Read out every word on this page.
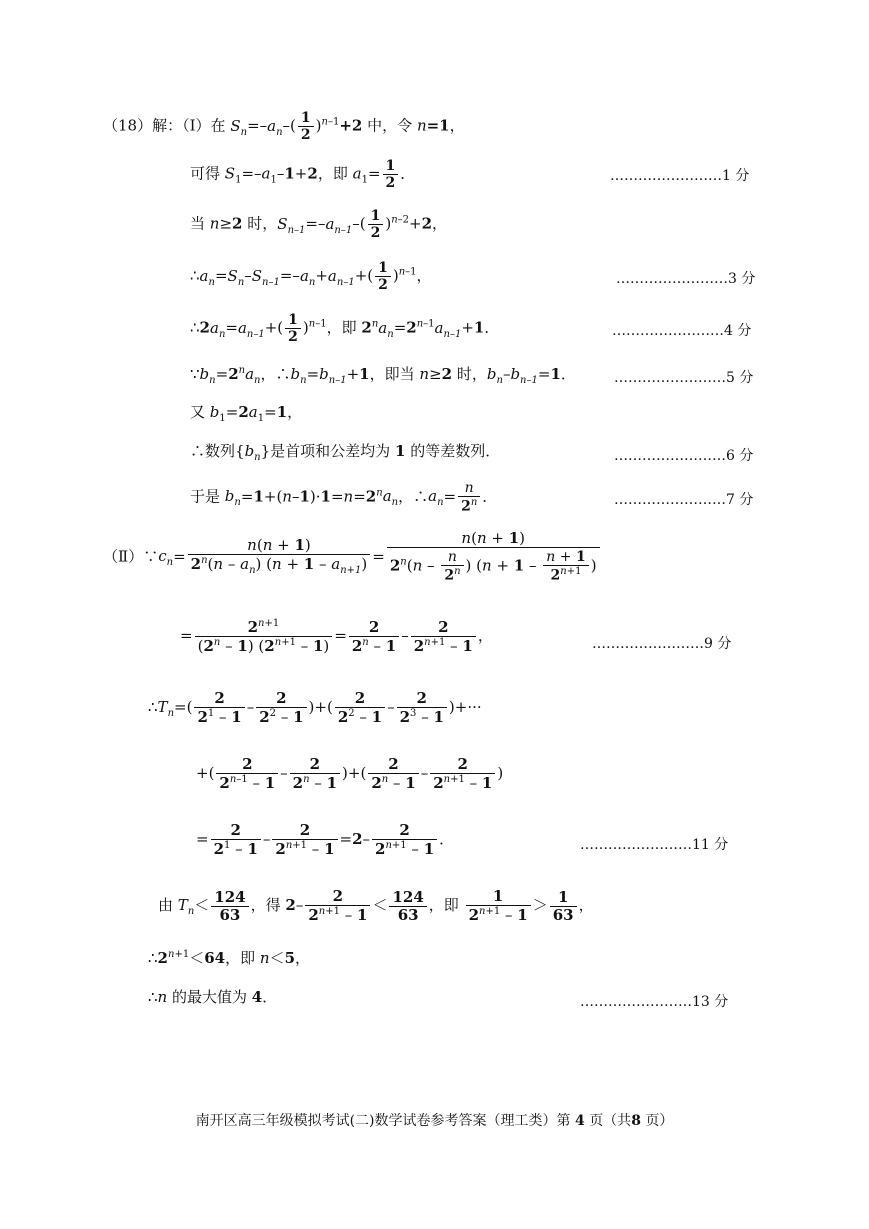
（18）解：（Ⅰ）在 $S_n=-a_n-( \frac{1}{2} )^{n-1}+2$ 中，令 n=1，
可得 $S_1=-a_1-1+2$，即 $a_1= \frac{1}{2}$ ．	……………………1 分
当 n≥2 时，$S_{n-1}=-a_{n-1}-( \frac{1}{2} )^{n-2}+2$，
$\therefore a_n=S_n-S_{n-1}=-a_n+a_{n-1}+( \frac{1}{2} )^{n-1}$，	……………………3 分
$\therefore 2a_n=a_{n-1}+( \frac{1}{2} )^{n-1}$，即 $2^na_n=2^{n-1}a_{n-1}+1$．	……………………4 分
$\because b_n=2^na_n$，$\therefore b_n=b_{n-1}+1$，即当 n≥2 时，$b_n-b_{n-1}=1$．	……………………5 分
又 $b_1=2a_1=1$，
∴数列$\{b_n\}$是首项和公差均为 1 的等差数列．	……………………6 分
于是 $b_n=1+(n-1)\cdot 1=n=2^na_n$，$\therefore a_n= \frac{n}{2^n}$ ．	……………………7 分
$(Ⅱ)\because c_n= \frac{n(n + 1)}{2^n(n - a_n) (n + 1 - a_{n+1})} = \frac{n(n + 1)}{2^n(n - \frac{n}{2^n} ) (n + 1 - \frac{n + 1}{2^{n+1}} )}$
= $\frac{2^{n+1}}{(2^n - 1) (2^{n+1} - 1)} = \frac{2}{2^n - 1} - \frac{2}{2^{n+1} - 1}$ ，	……………………9 分
$\therefore T_n=( \frac{2}{2^1 - 1} - \frac{2}{2^2 - 1}$ )+( $\frac{2}{2^2 - 1} - \frac{2}{2^3 - 1}$ )+···
+( $\frac{2}{2^{n-1} - 1} - \frac{2}{2^n - 1}$ )+( $\frac{2}{2^n - 1} - \frac{2}{2^{n+1} - 1}$ )
= $\frac{2}{2^1 - 1} - \frac{2}{2^{n+1} - 1} =2- \frac{2}{2^{n+1} - 1}$ ．	……………………11 分
由 $T_n< \frac{124}{63}$ ，得 $2- \frac{2}{2^{n+1} - 1} < \frac{124}{63}$ ，即 $\frac{1}{2^{n+1} - 1} > \frac{1}{63}$ ，
$\therefore 2^{n+1}<64$，即 n＜5，
∴n 的最大值为 4．	……………………13 分
南开区高三年级模拟考试(二)数学试卷参考答案（理工类）第 4 页（共8 页）
